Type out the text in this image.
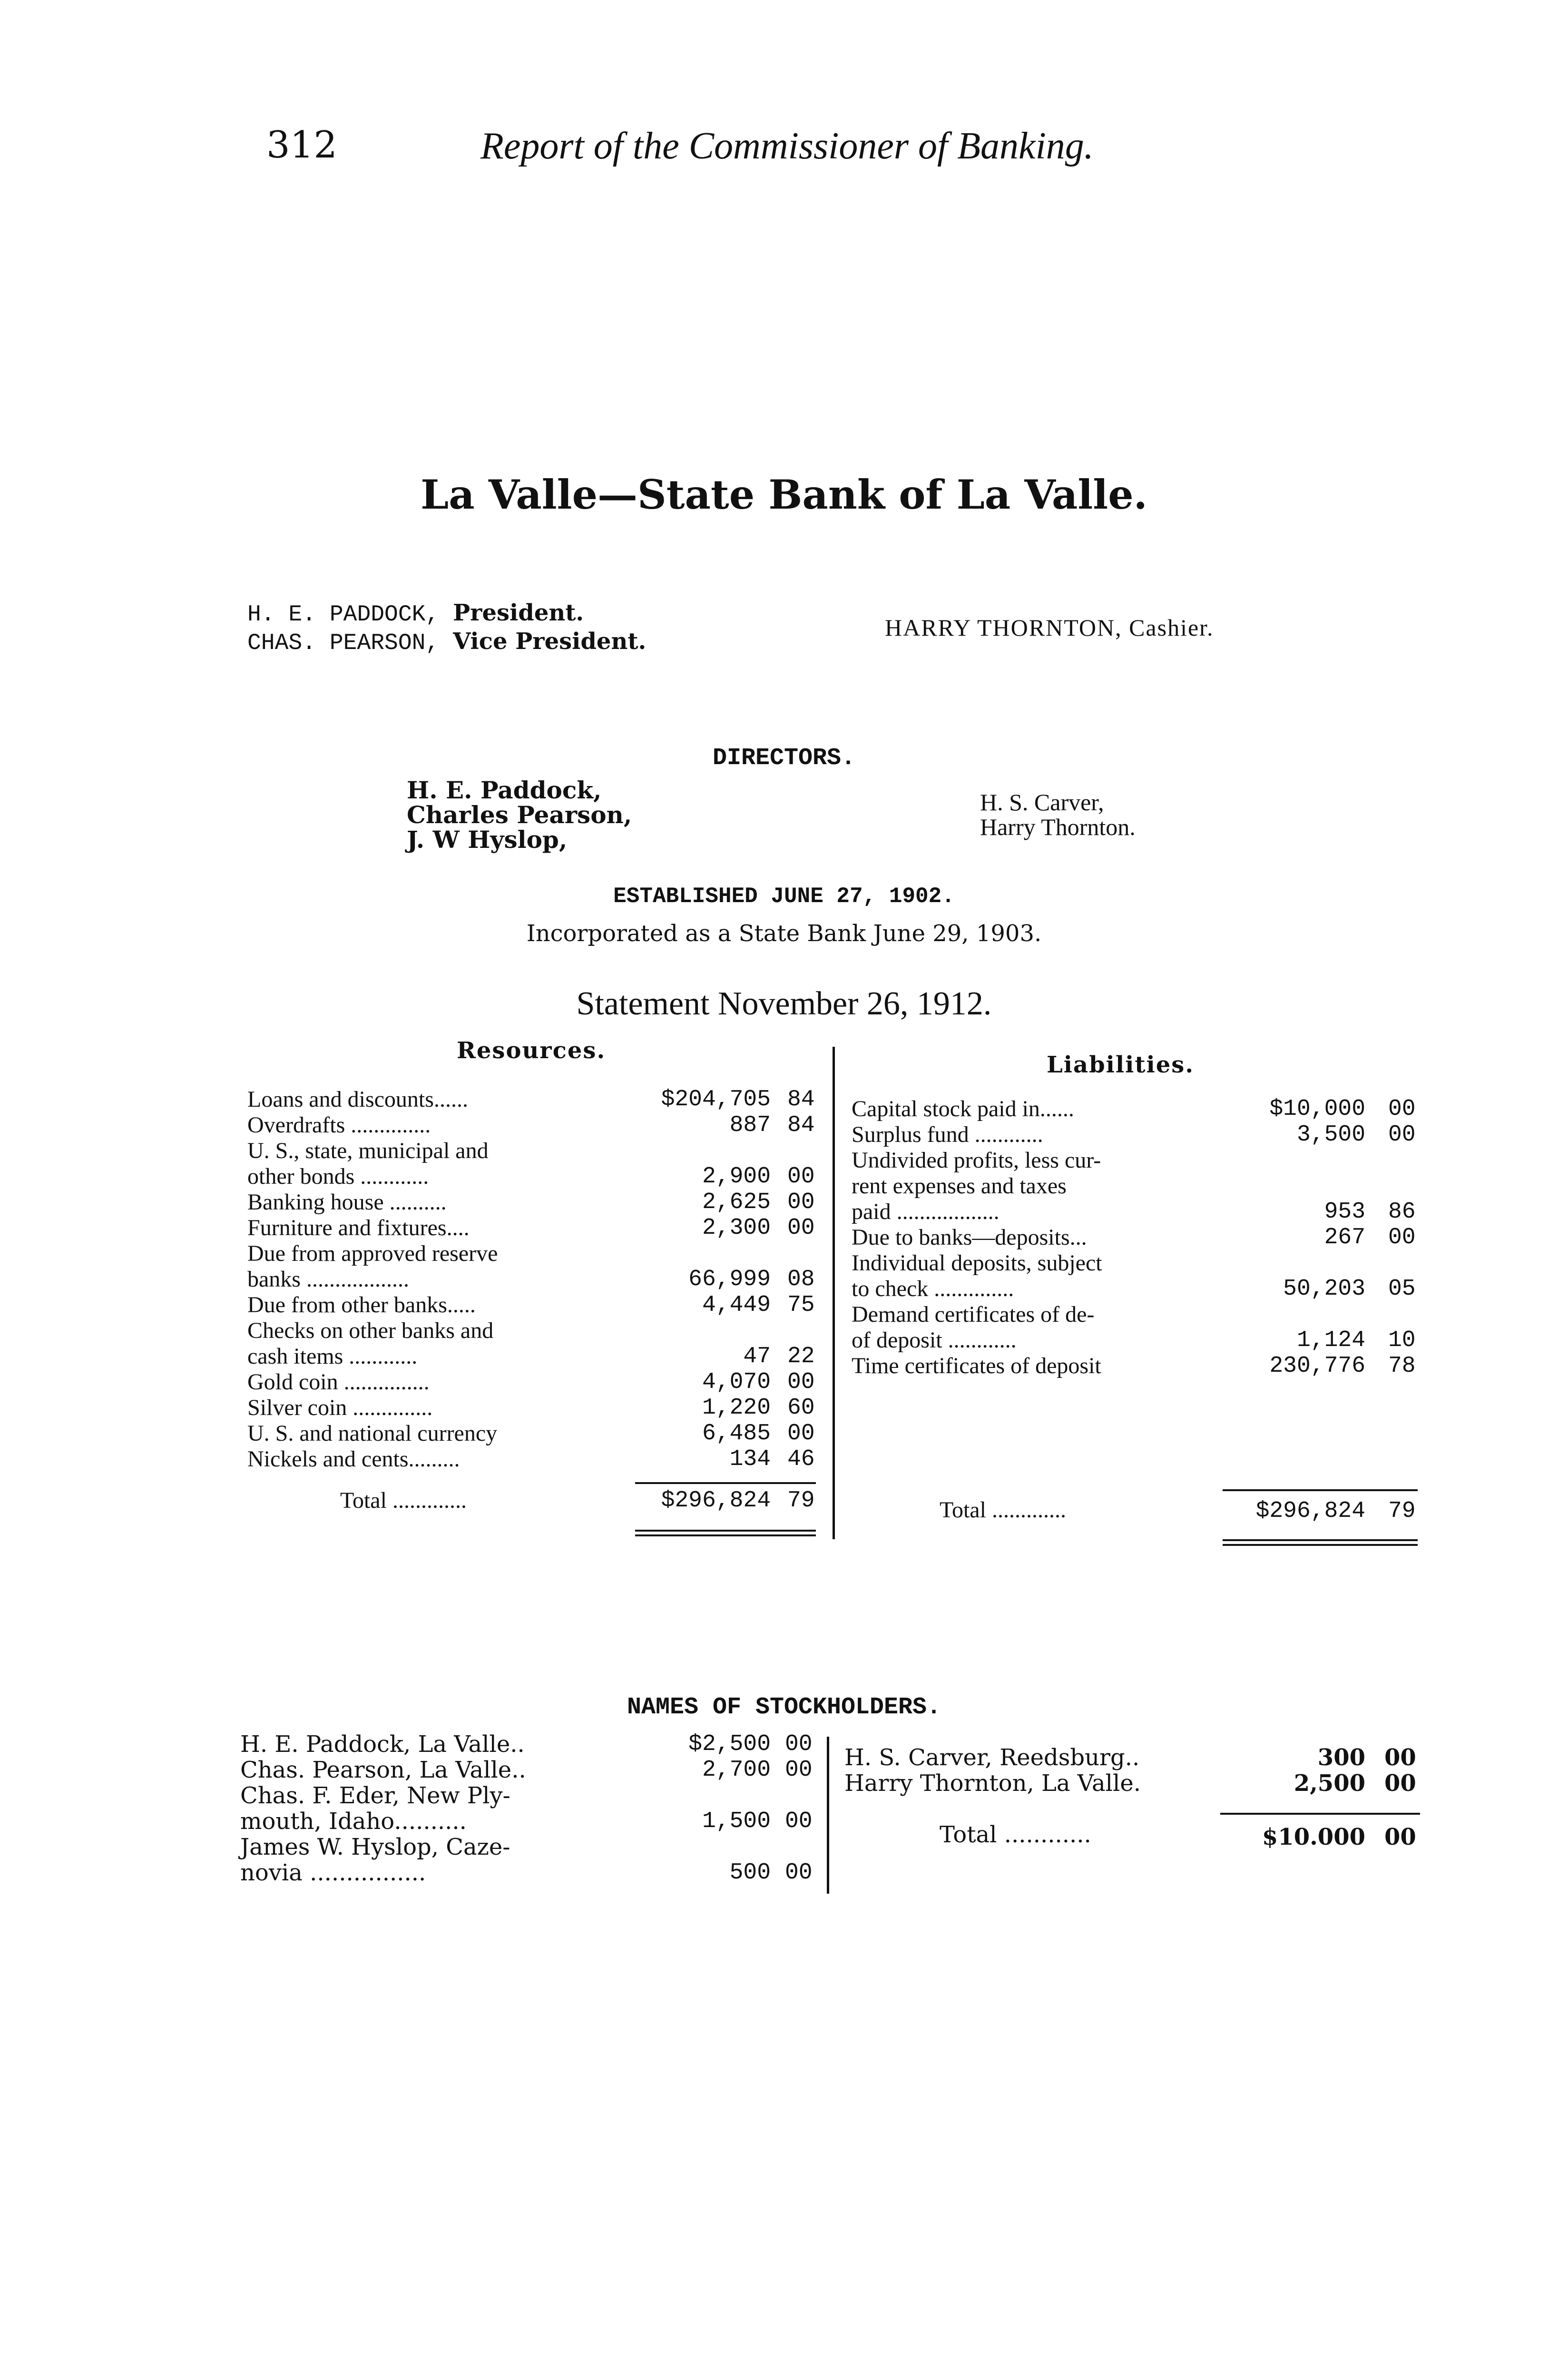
312	Report of the Commissioner of Banking.
La Valle—State Bank of La Valle.
H. E. PADDOCK, President.
CHAS. PEARSON, Vice President.
HARRY THORNTON, Cashier.
DIRECTORS.
H. E. Paddock,
Charles Pearson,
J. W Hyslop,
H. S. Carver,
Harry Thornton.
ESTABLISHED JUNE 27, 1902.
Incorporated as a State Bank June 29, 1903.
Statement November 26, 1912.
Resources.
Liabilities.
Loans and discounts......	$204,705 84
Overdrafts ..............	887 84
U. S., state, municipal and
other bonds ............	2,900 00
Banking house ..........	2,625 00
Furniture and fixtures....	2,300 00
Due from approved reserve
banks ..................	66,999 08
Due from other banks.....	4,449 75
Checks on other banks and
cash items ............	47 22
Gold coin ...............	4,070 00
Silver coin ..............	1,220 60
U. S. and national currency	6,485 00
Nickels and cents.........	134 46
Total .............	$296,824 79
Capital stock paid in......	$10,000 00
Surplus fund ............	3,500 00
Undivided profits, less cur-
rent expenses and taxes
paid ..................	953 86
Due to banks—deposits...	267 00
Individual deposits, subject
to check ..............	50,203 05
Demand certificates of de-
of deposit ............	1,124 10
Time certificates of deposit	230,776 78
Total .............	$296,824 79
NAMES OF STOCKHOLDERS.
H. E. Paddock, La Valle..	$2,500 00
Chas. Pearson, La Valle..	2,700 00
Chas. F. Eder, New Ply-
mouth, Idaho..........	1,500 00
James W. Hyslop, Caze-
novia ................	500 00
H. S. Carver, Reedsburg..	300 00
Harry Thornton, La Valle.	2,500 00
Total ............	$10.000 00
